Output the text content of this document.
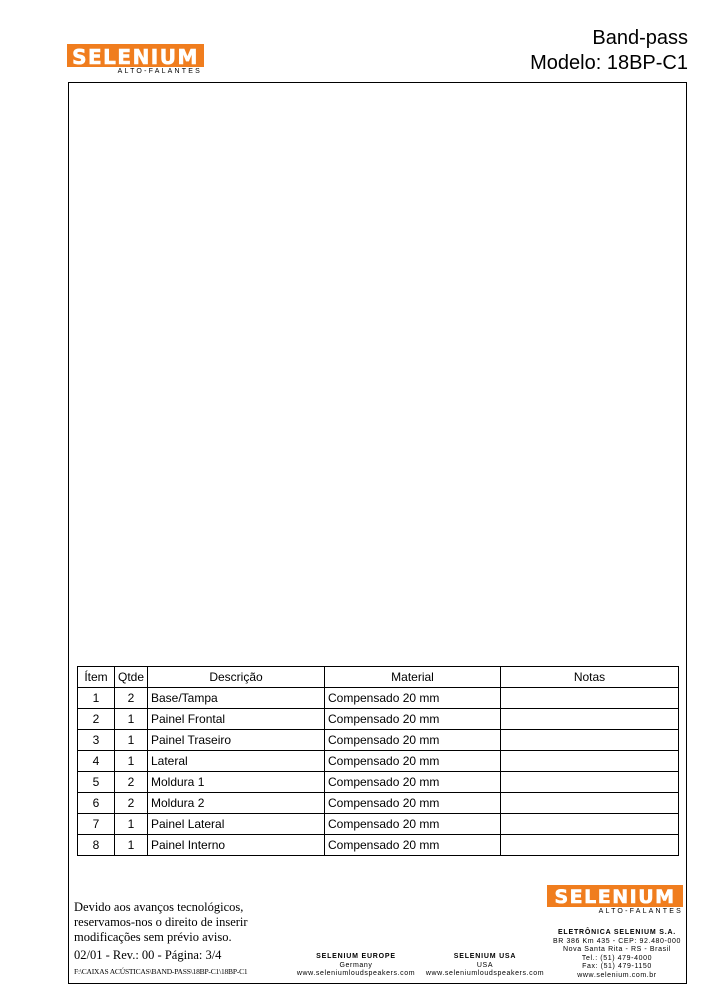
SELENIUM
ALTO-FALANTES
Band-pass
Modelo: 18BP-C1
Ítem	Qtde	Descrição	Material	Notas
1	2	Base/Tampa	Compensado 20 mm	
2	1	Painel Frontal	Compensado 20 mm	
3	1	Painel Traseiro	Compensado 20 mm	
4	1	Lateral	Compensado 20 mm	
5	2	Moldura 1	Compensado 20 mm	
6	2	Moldura 2	Compensado 20 mm	
7	1	Painel Lateral	Compensado 20 mm	
8	1	Painel Interno	Compensado 20 mm	
Devido aos avanços tecnológicos,
reservamos-nos o direito de inserir
modificações sem prévio aviso.
02/01 - Rev.: 00 - Página: 3/4
F:\CAIXAS ACÚSTICAS\BAND-PASS\18BP-C1\18BP-C1
SELENIUM EUROPE
Germany
www.seleniumloudspeakers.com
SELENIUM USA
USA
www.seleniumloudspeakers.com
SELENIUM
ALTO-FALANTES
ELETRÔNICA SELENIUM S.A.
BR 386 Km 435 - CEP: 92.480-000
Nova Santa Rita - RS - Brasil
Tel.: (51) 479-4000
Fax: (51) 479-1150
www.selenium.com.br
